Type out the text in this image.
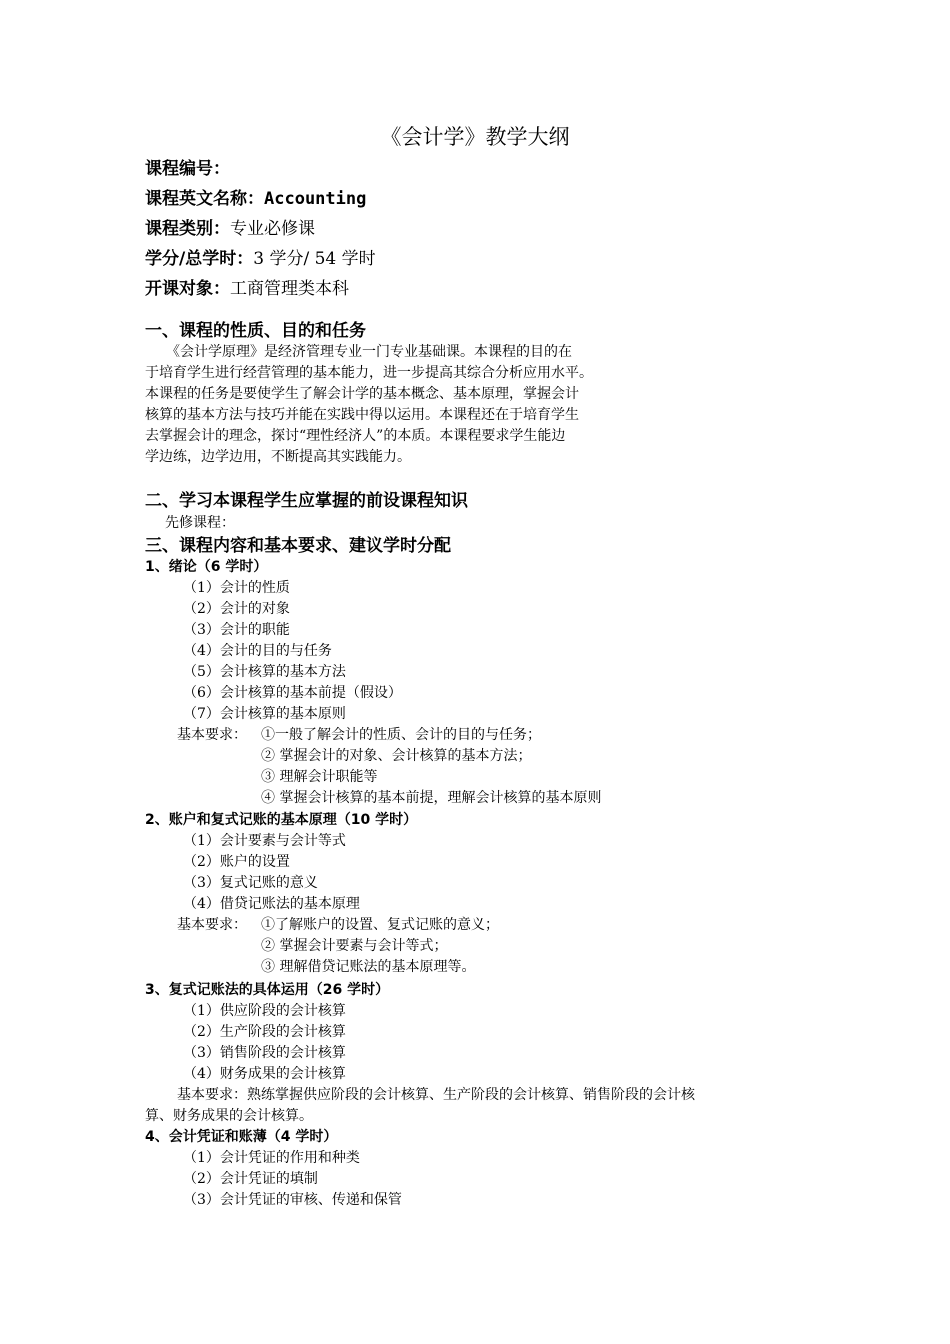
《会计学》教学大纲
课程编号：
课程英文名称：Accounting
课程类别：专业必修课
学分/总学时：3 学分/ 54 学时
开课对象：工商管理类本科
一、课程的性质、目的和任务
　　《会计学原理》是经济管理专业一门专业基础课。本课程的目的在
于培育学生进行经营管理的基本能力，进一步提高其综合分析应用水平。
本课程的任务是要使学生了解会计学的基本概念、基本原理，掌握会计
核算的基本方法与技巧并能在实践中得以运用。本课程还在于培育学生
去掌握会计的理念，探讨“理性经济人”的本质。本课程要求学生能边
学边练，边学边用，不断提高其实践能力。
二、学习本课程学生应掌握的前设课程知识
先修课程：
三、课程内容和基本要求、建议学时分配
1、绪论（6 学时）
（1）会计的性质
（2）会计的对象
（3）会计的职能
（4）会计的目的与任务
（5）会计核算的基本方法
（6）会计核算的基本前提（假设）
（7）会计核算的基本原则
基本要求： ①一般了解会计的性质、会计的目的与任务；
② 掌握会计的对象、会计核算的基本方法；
③ 理解会计职能等
④ 掌握会计核算的基本前提，理解会计核算的基本原则
2、账户和复式记账的基本原理（10 学时）
（1）会计要素与会计等式
（2）账户的设置
（3）复式记账的意义
（4）借贷记账法的基本原理
基本要求： ①了解账户的设置、复式记账的意义；
② 掌握会计要素与会计等式；
③ 理解借贷记账法的基本原理等。
3、复式记账法的具体运用（26 学时）
（1）供应阶段的会计核算
（2）生产阶段的会计核算
（3）销售阶段的会计核算
（4）财务成果的会计核算
　基本要求：熟练掌握供应阶段的会计核算、生产阶段的会计核算、销售阶段的会计核
算、财务成果的会计核算。
4、会计凭证和账薄（4 学时）
（1）会计凭证的作用和种类
（2）会计凭证的填制
（3）会计凭证的审核、传递和保管
